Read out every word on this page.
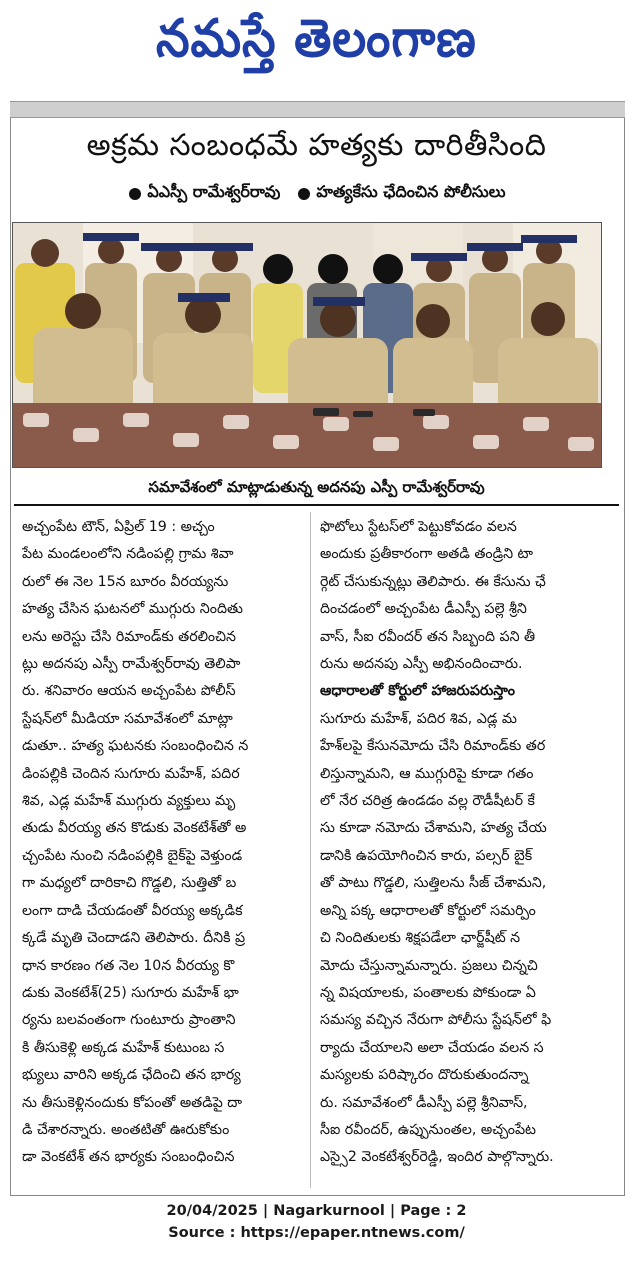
నమస్తే తెలంగాణ
అక్రమ సంబంధమే హత్యకు దారితీసింది
ఏఎస్పీ రామేశ్వర్‌రావు హత్యకేసు ఛేదించిన పోలీసులు
సమావేశంలో మాట్లాడుతున్న అదనపు ఎస్పీ రామేశ్వర్‌రావు

అచ్చంపేట టౌన్, ఏప్రిల్ 19 : అచ్చం

పేట మండలంలోని నడింపల్లి గ్రామ శివా

రులో ఈ నెల 15న బూరం వీరయ్యను

హత్య చేసిన ఘటనలో ముగ్గురు నిందితు

లను అరెస్టు చేసి రిమాండ్‌కు తరలించిన

ట్లు అదనపు ఎస్పీ రామేశ్వర్‌రావు తెలిపా

రు. శనివారం ఆయన అచ్చంపేట పోలీస్

స్టేషన్‌లో మీడియా సమావేశంలో మాట్లా

డుతూ.. హత్య ఘటనకు సంబంధించిన న

డింపల్లికి చెందిన సుగూరు మహేశ్, పదిర

శివ, ఎడ్ల మహేశ్ ముగ్గురు వ్యక్తులు మృ

తుడు వీరయ్య తన కొడుకు వెంకటేశ్‌తో అ

చ్చంపేట నుంచి నడింపల్లికి బైక్‌పై వెళ్తుండ

గా మధ్యలో దారికాచి గొడ్డలి, సుత్తితో బ

లంగా దాడి చేయడంతో వీరయ్య అక్కడిక

క్కడే మృతి చెందాడని తెలిపారు. దీనికి ప్ర

ధాన కారణం గత నెల 10న వీరయ్య కొ

డుకు వెంకటేశ్(25) సుగూరు మహేశ్ భా

ర్యను బలవంతంగా గుంటూరు ప్రాంతాని

కి తీసుకెళ్లి అక్కడ మహేశ్ కుటుంబ స

భ్యులు వారిని అక్కడ ఛేదించి తన భార్య

ను తీసుకెళ్లినందుకు కోపంతో అతడిపై దా

డి చేశారన్నారు. అంతటితో ఊరుకోకుం

డా వెంకటేశ్ తన భార్యకు సంబంధించిన

ఫొటోలు స్టేటస్‌లో పెట్టుకోవడం వలన

అందుకు ప్రతీకారంగా అతడి తండ్రిని టా

ర్గెట్ చేసుకున్నట్లు తెలిపారు. ఈ కేసును ఛే

దించడంలో అచ్చంపేట డీఎస్పీ పల్లె శ్రీని

వాస్, సీఐ రవీందర్ తన సిబ్బంది పని తీ

రును అదనపు ఎస్పీ అభినందించారు.

ఆధారాలతో కోర్టులో హాజరుపరుస్తాం

సుగూరు మహేశ్, పదిర శివ, ఎడ్ల మ

హేశ్‌లపై కేసునమోదు చేసి రిమాండ్‌కు తర

లిస్తున్నామని, ఆ ముగ్గురిపై కూడా గతం

లో నేర చరిత్ర ఉండడం వల్ల రౌడీషీటర్ కే

సు కూడా నమోదు చేశామని, హత్య చేయ

డానికి ఉపయోగించిన కారు, పల్సర్ బైక్

తో పాటు గొడ్డలి, సుత్తిలను సీజ్ చేశామని,

అన్ని పక్క ఆధారాలతో కోర్టులో సమర్పిం

చి నిందితులకు శిక్షపడేలా ఛార్జ్‌షీట్ న

మోదు చేస్తున్నామన్నారు. ప్రజలు చిన్నచి

న్న విషయాలకు, పంతాలకు పోకుండా ఏ

సమస్య వచ్చిన నేరుగా పోలీసు స్టేషన్‌లో ఫి

ర్యాదు చేయాలని అలా చేయడం వలన స

మస్యలకు పరిష్కారం దొరుకుతుందన్నా

రు. సమావేశంలో డీఎస్పీ పల్లె శ్రీనివాస్,

సీఐ రవీందర్, ఉప్పునుంతల, అచ్చంపేట

ఎస్సై2 వెంకటేశ్వర్‌రెడ్డి, ఇందిర పాల్గొన్నారు.

20/04/2025 | Nagarkurnool | Page : 2
Source : https://epaper.ntnews.com/
